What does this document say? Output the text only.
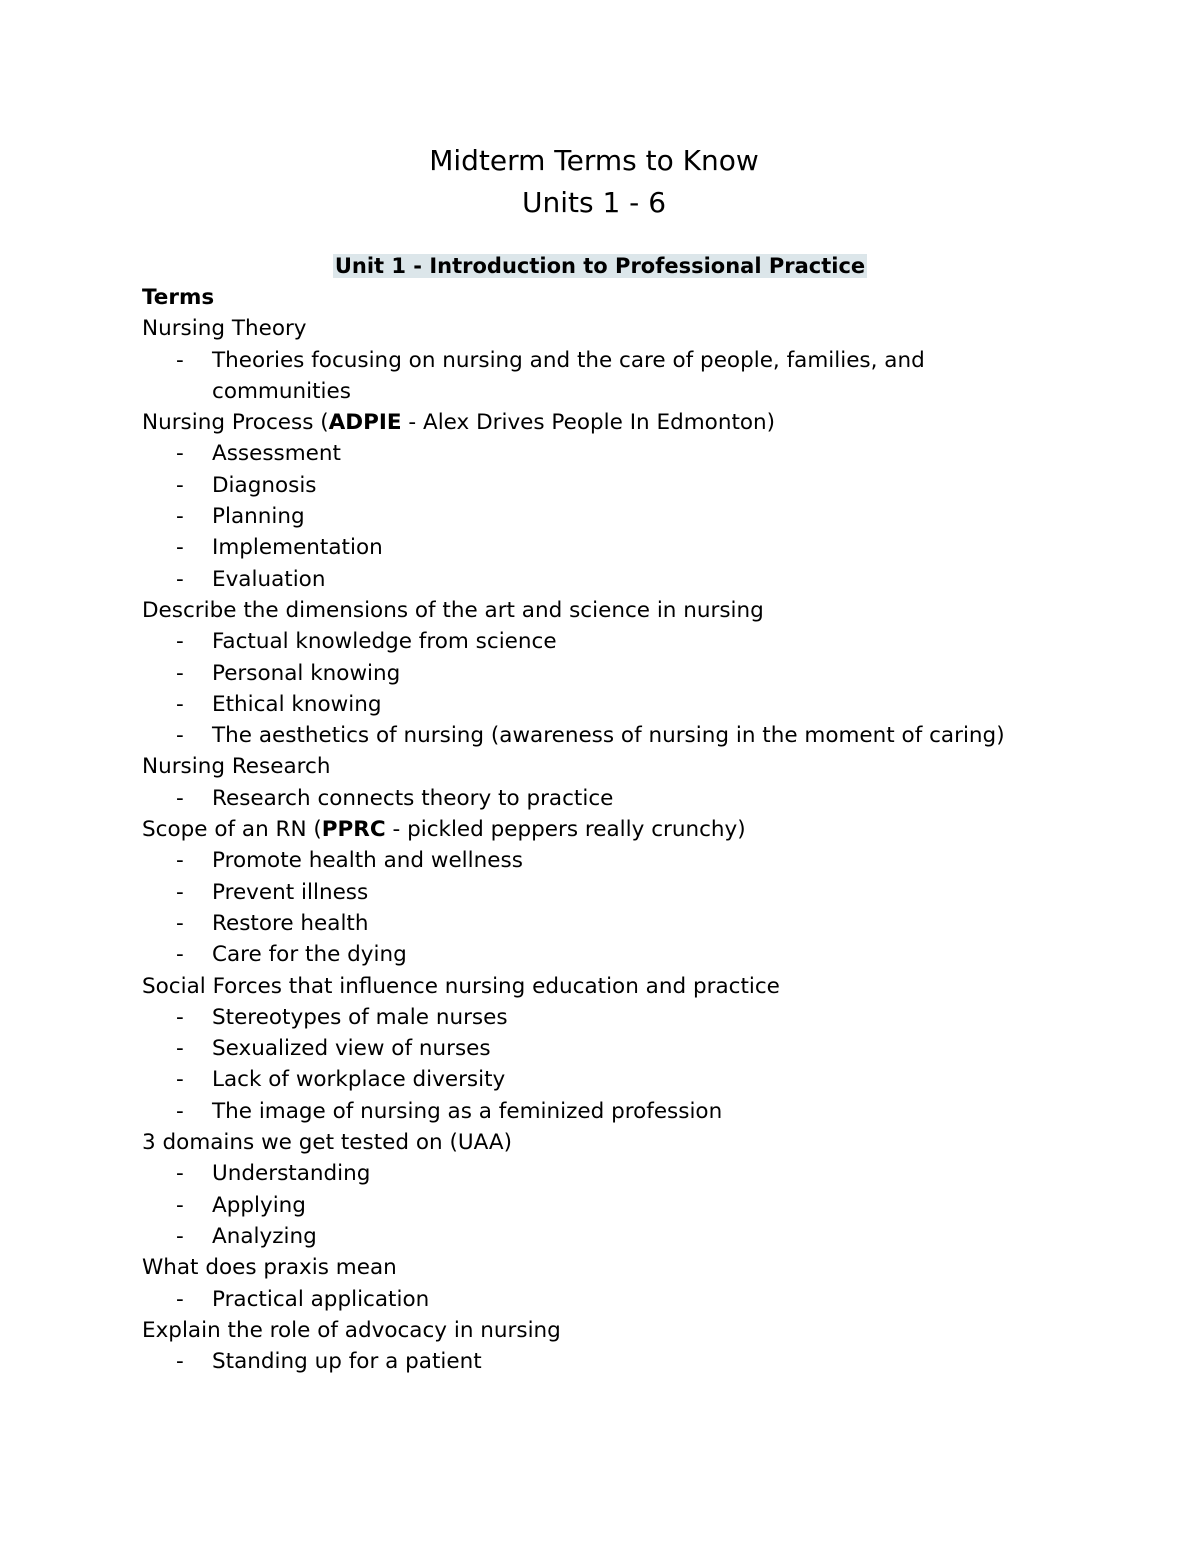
Midterm Terms to Know
Units 1 - 6
Unit 1 - Introduction to Professional Practice
Terms
Nursing Theory
- Theories focusing on nursing and the care of people, families, and communities
Nursing Process (ADPIE - Alex Drives People In Edmonton)
- Assessment
- Diagnosis
- Planning
- Implementation
- Evaluation
Describe the dimensions of the art and science in nursing
- Factual knowledge from science
- Personal knowing
- Ethical knowing
- The aesthetics of nursing (awareness of nursing in the moment of caring)
Nursing Research
- Research connects theory to practice
Scope of an RN (PPRC - pickled peppers really crunchy)
- Promote health and wellness
- Prevent illness
- Restore health
- Care for the dying
Social Forces that influence nursing education and practice
- Stereotypes of male nurses
- Sexualized view of nurses
- Lack of workplace diversity
- The image of nursing as a feminized profession
3 domains we get tested on (UAA)
- Understanding
- Applying
- Analyzing
What does praxis mean
- Practical application
Explain the role of advocacy in nursing
- Standing up for a patient
